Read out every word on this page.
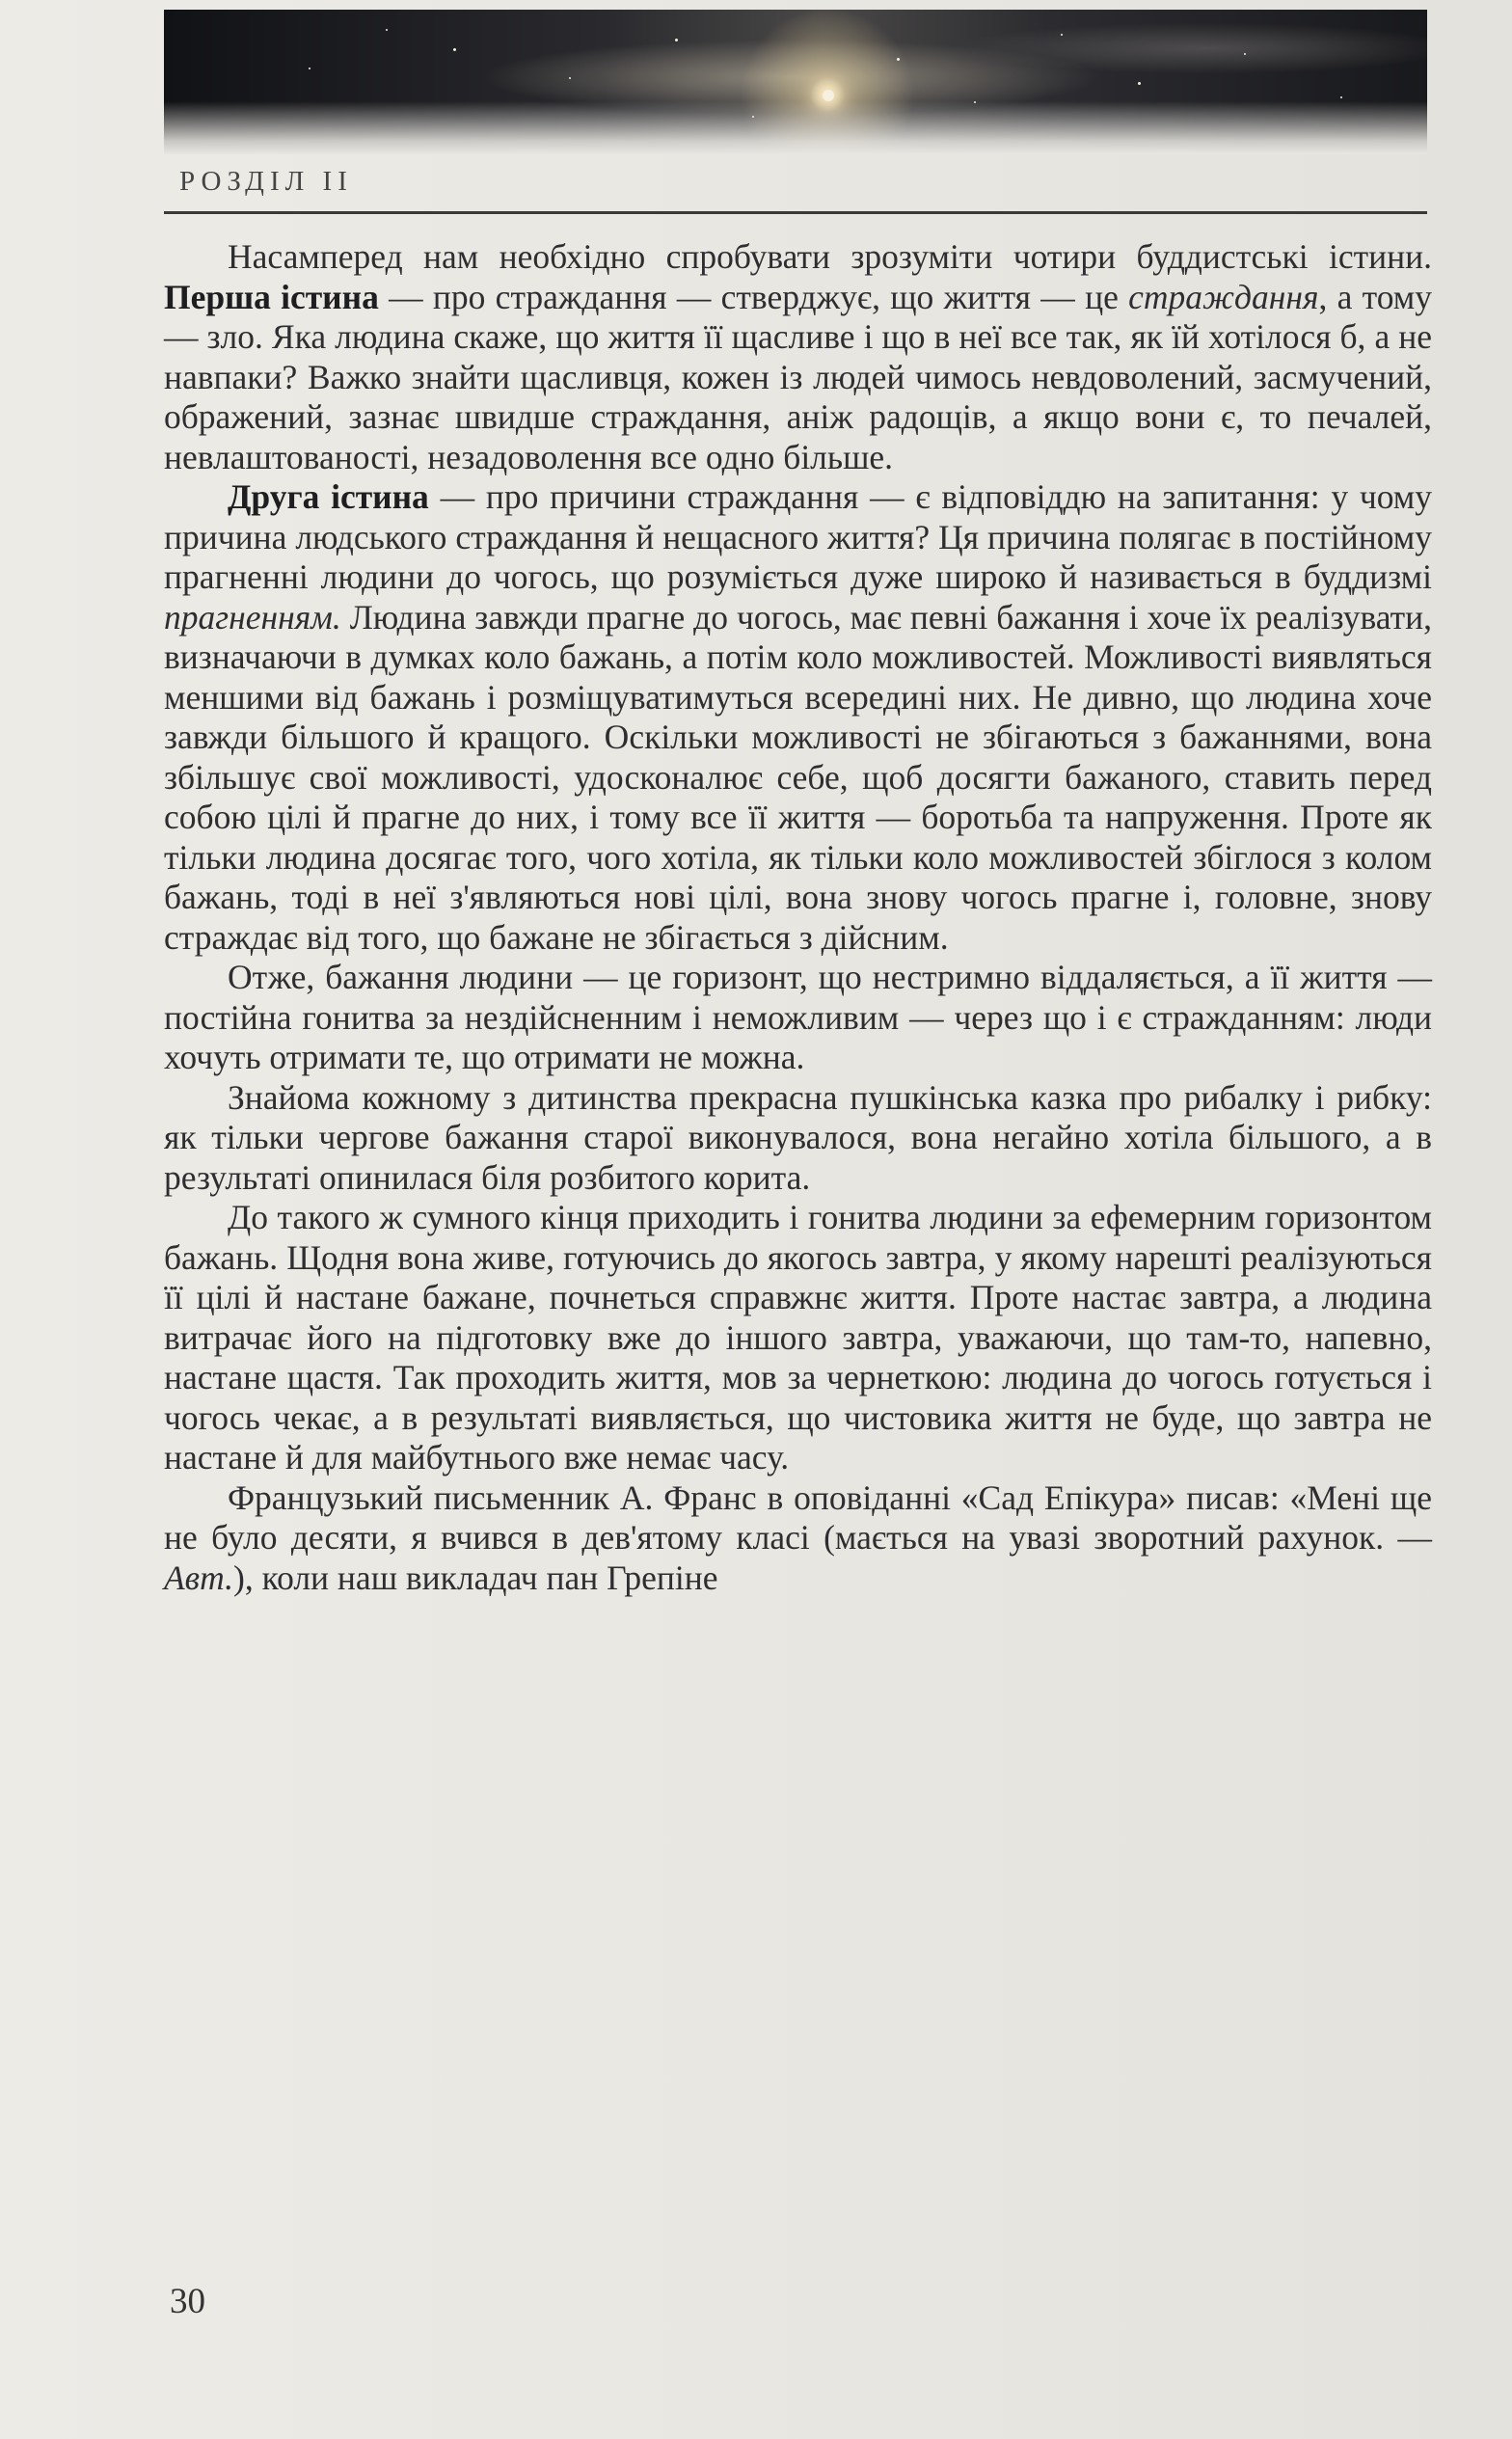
РОЗДІЛ II

Насамперед нам необхідно спробувати зрозуміти чотири буддистські істини. Перша істина — про страждання — стверджує, що життя — це страждання, а тому — зло. Яка людина скаже, що життя її щасливе і що в неї все так, як їй хотілося б, а не навпаки? Важко знайти щасливця, кожен із людей чимось невдоволений, засмучений, ображений, зазнає швидше страждання, аніж радощів, а якщо вони є, то печалей, невлаштованості, незадоволення все одно більше.

Друга істина — про причини страждання — є відповіддю на запитання: у чому причина людського страждання й нещасного життя? Ця причина полягає в постійному прагненні людини до чогось, що розуміється дуже широко й називається в буддизмі прагненням. Людина завжди прагне до чогось, має певні бажання і хоче їх реалізувати, визначаючи в думках коло бажань, а потім коло можливостей. Можливості виявляться меншими від бажань і розміщуватимуться всередині них. Не дивно, що людина хоче завжди більшого й кращого. Оскільки можливості не збігаються з бажаннями, вона збільшує свої можливості, удосконалює себе, щоб досягти бажаного, ставить перед собою цілі й прагне до них, і тому все її життя — боротьба та напруження. Проте як тільки людина досягає того, чого хотіла, як тільки коло можливостей збіглося з колом бажань, тоді в неї з'являються нові цілі, вона знову чогось прагне і, головне, знову страждає від того, що бажане не збігається з дійсним.

Отже, бажання людини — це горизонт, що нестримно віддаляється, а її життя — постійна гонитва за нездійсненним і неможливим — через що і є стражданням: люди хочуть отримати те, що отримати не можна.

Знайома кожному з дитинства прекрасна пушкінська казка про рибалку і рибку: як тільки чергове бажання старої виконувалося, вона негайно хотіла більшого, а в результаті опинилася біля розбитого корита.

До такого ж сумного кінця приходить і гонитва людини за ефемерним горизонтом бажань. Щодня вона живе, готуючись до якогось завтра, у якому нарешті реалізуються її цілі й настане бажане, почнеться справжнє життя. Проте настає завтра, а людина витрачає його на підготовку вже до іншого завтра, уважаючи, що там-то, напевно, настане щастя. Так проходить життя, мов за чернеткою: людина до чогось готується і чогось чекає, а в результаті виявляється, що чистовика життя не буде, що завтра не настане й для майбутнього вже немає часу.

Французький письменник А. Франс в оповіданні «Сад Епікура» писав: «Мені ще не було десяти, я вчився в дев'ятому класі (мається на увазі зворотний рахунок. — Авт.), коли наш викладач пан Грепіне

30
